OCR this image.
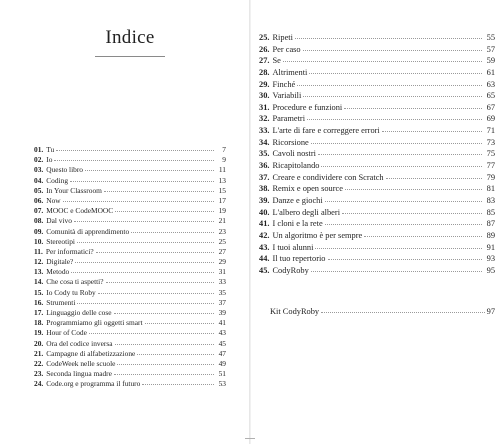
Indice
01. Tu	7
02. Io	9
03. Questo libro	11
04. Coding	13
05. In Your Classroom	15
06. Now	17
07. MOOC e CodeMOOC	19
08. Dal vivo	21
09. Comunità di apprendimento	23
10. Stereotipi	25
11. Per informatici?	27
12. Digitale?	29
13. Metodo	31
14. Che cosa ti aspetti?	33
15. Io Cody tu Roby	35
16. Strumenti	37
17. Linguaggio delle cose	39
18. Programmiamo gli oggetti smart	41
19. Hour of Code	43
20. Ora del codice inversa	45
21. Campagne di alfabetizzazione	47
22. CodeWeek nelle scuole	49
23. Seconda lingua madre	51
24. Code.org e programma il futuro	53
25. Ripeti	55
26. Per caso	57
27. Se	59
28. Altrimenti	61
29. Finché	63
30. Variabili	65
31. Procedure e funzioni	67
32. Parametri	69
33. L'arte di fare e correggere errori	71
34. Ricorsione	73
35. Cavoli nostri	75
36. Ricapitolando	77
37. Creare e condividere con Scratch	79
38. Remix e open source	81
39. Danze e giochi	83
40. L'albero degli alberi	85
41. I cloni e la rete	87
42. Un algoritmo è per sempre	89
43. I tuoi alunni	91
44. Il tuo repertorio	93
45. CodyRoby	95
Kit CodyRoby	97
